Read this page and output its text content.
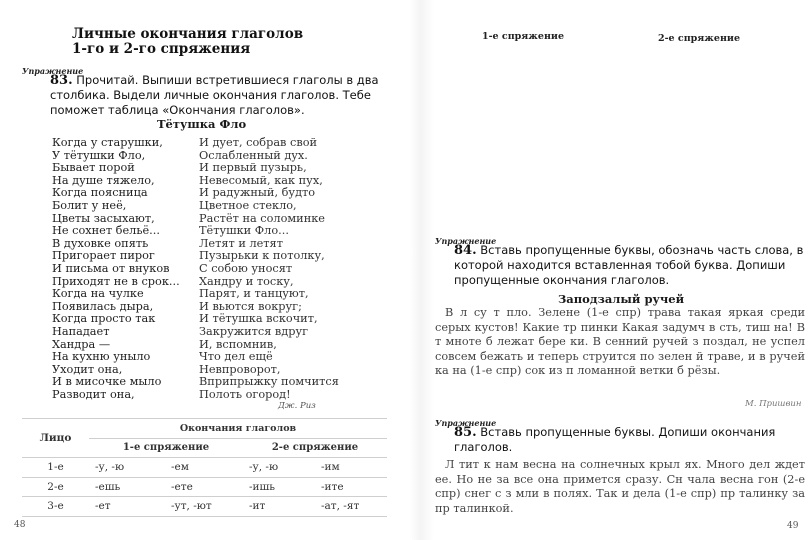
Личные окончания глаголов
1-го и 2-го спряжения
Упражнение
83. Прочитай. Выпиши встретившиеся глаголы в два столбика. Выдели личные окончания глаголов. Тебе поможет таблица «Окончания глаголов».
Тётушка Фло
Когда у старушки,
У тётушки Фло,
Бывает порой
На душе тяжело,
Когда поясница
Болит у неё,
Цветы засыхают,
Не сохнет бельё...
В духовке опять
Пригорает пирог
И письма от внуков
Приходят не в срок...
Когда на чулке
Появилась дыра,
Когда просто так
Нападает
Хандра —
На кухню уныло
Уходит она,
И в мисочке мыло
Разводит она,
И дует, собрав свой
Ослабленный дух.
И первый пузырь,
Невесомый, как пух,
И радужный, будто
Цветное стекло,
Растёт на соломинке
Тётушки Фло...
Летят и летят
Пузырьки к потолку,
С собою уносят
Хандру и тоску,
Парят, и танцуют,
И вьются вокруг;
И тётушка вскочит,
Закружится вдруг
И, вспомнив,
Что дел ещё
Невпроворот,
Вприпрыжку помчится
Полоть огород!
Дж. Риз
Лицо	Окончания глаголов			
	1-е спряжение		2-е спряжение	
1-е	-у, -ю	-ем	-у, -ю	-им
2-е	-ешь	-ете	-ишь	-ите
3-е	-ет	-ут, -ют	-ит	-ат, -ят
48
1-е спряжение	2-е спряжение
Упражнение
84. Вставь пропущенные буквы, обозначь часть слова, в которой находится вставленная тобой буква. Допиши пропущенные окончания глаголов.
Заподзалый ручей
В л су т пло. Зелене (1-е спр) трава такая яркая среди серых кустов! Какие тр пинки Какая задумч в сть, тиш на! В т мноте б лежат бере ки. В сенний ручей з поздал, не успел совсем бежать и теперь струится по зелен й траве, и в ручей ка на (1-е спр) сок из п ломанной ветки б рёзы.
М. Пришвин
Упражнение
85. Вставь пропущенные буквы. Допиши окончания глаголов.
Л тит к нам весна на солнечных крыл ях. Много дел ждет ее. Но не за все она примется сразу. Сн чала весна гон (2-е спр) снег с з мли в полях. Так и дела (1-е спр) пр талинку за пр талинкой.
49
